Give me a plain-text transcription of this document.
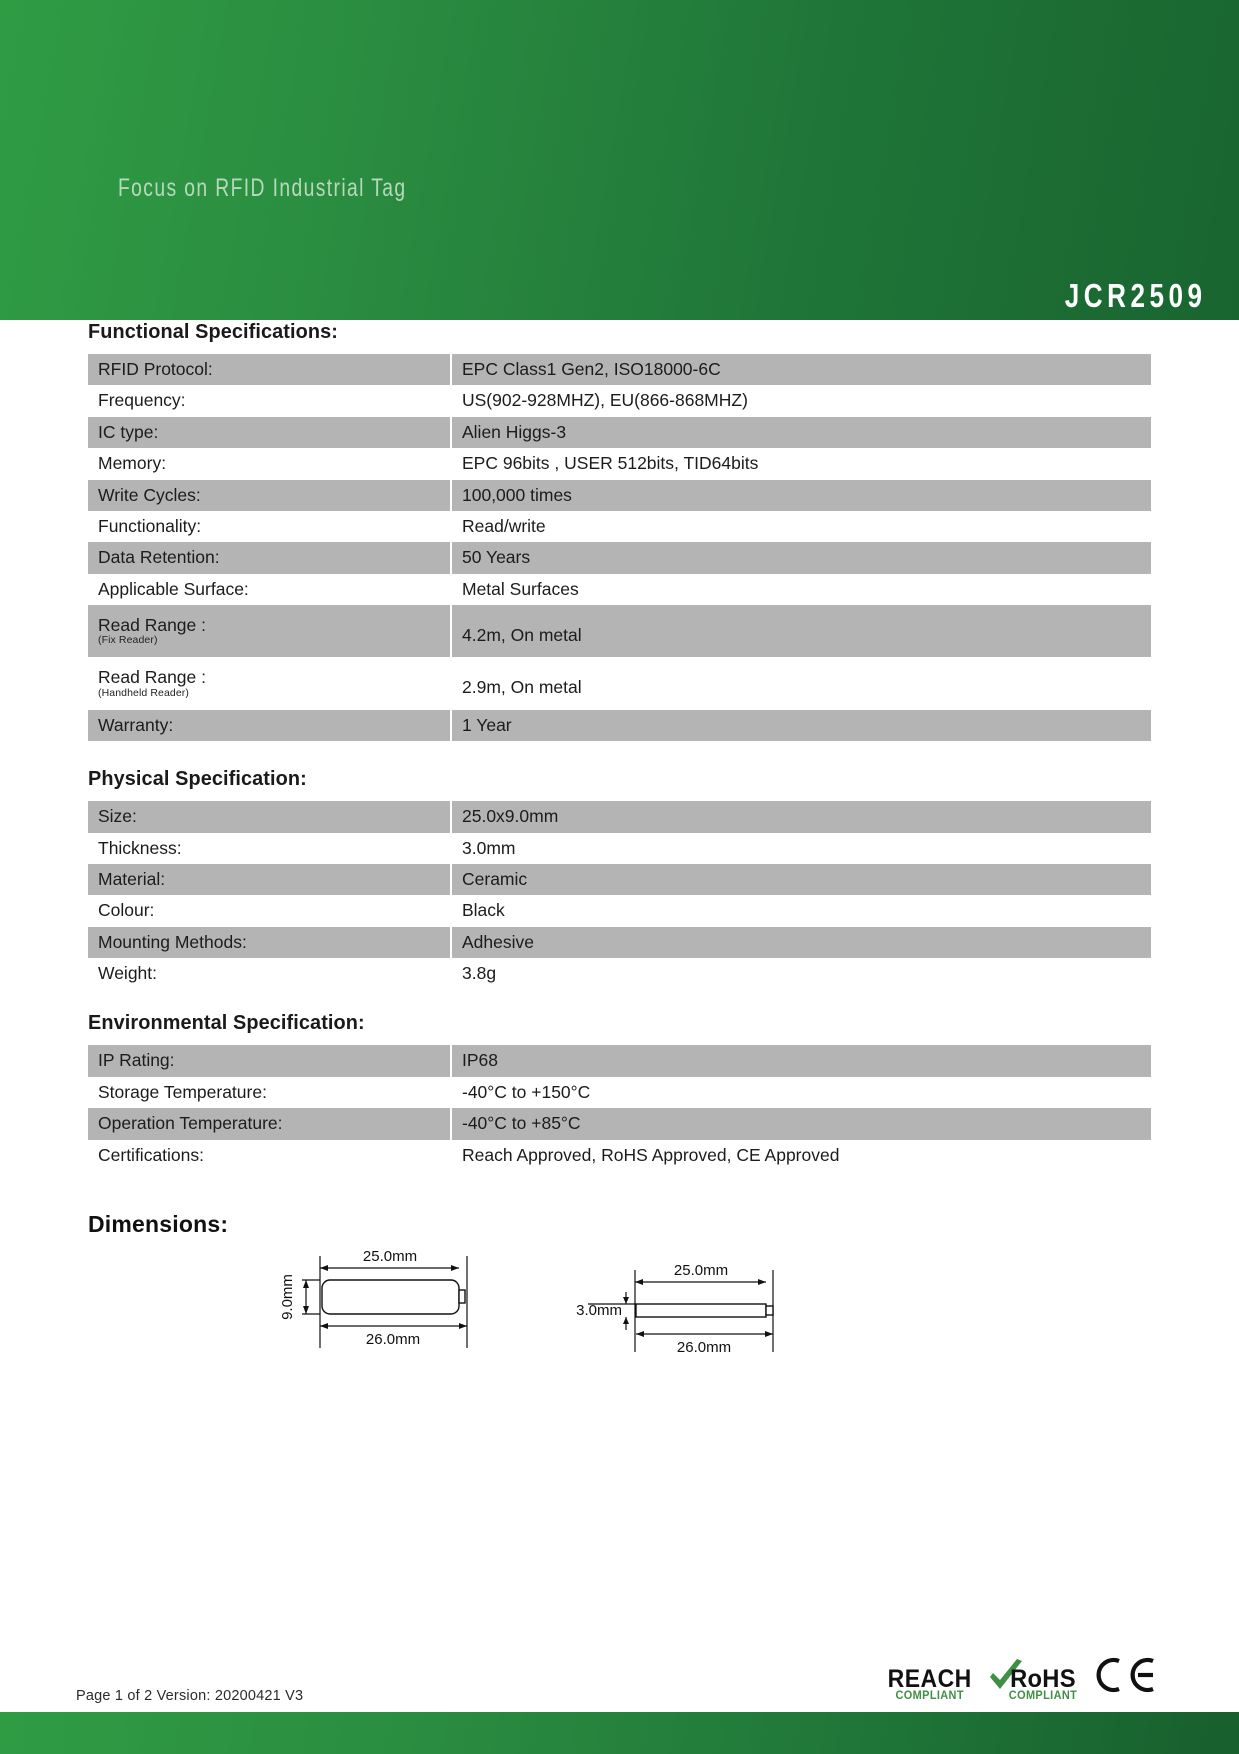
Focus on RFID Industrial Tag
JCR2509
Functional Specifications:
RFID Protocol:	EPC Class1 Gen2, ISO18000-6C
Frequency:	US(902-928MHZ), EU(866-868MHZ)
IC type:	Alien Higgs-3
Memory:	EPC 96bits , USER 512bits, TID64bits
Write Cycles:	100,000 times
Functionality:	Read/write
Data Retention:	50 Years
Applicable Surface:	Metal Surfaces
Read Range :
(Fix Reader)	4.2m, On metal
Read Range :
(Handheld Reader)	2.9m, On metal
Warranty:	1 Year
Physical Specification:
Size:	25.0x9.0mm
Thickness:	3.0mm
Material:	Ceramic
Colour:	Black
Mounting Methods:	Adhesive
Weight:	3.8g
Environmental Specification:
IP Rating:	IP68
Storage Temperature:	-40°C to +150°C
Operation Temperature:	-40°C to +85°C
Certifications:	Reach Approved, RoHS Approved, CE Approved
Dimensions:
25.0mm
9.0mm
26.0mm
25.0mm
3.0mm
26.0mm
Page 1 of 2 Version: 20200421 V3
REACH
COMPLIANT
RoHS
COMPLIANT
